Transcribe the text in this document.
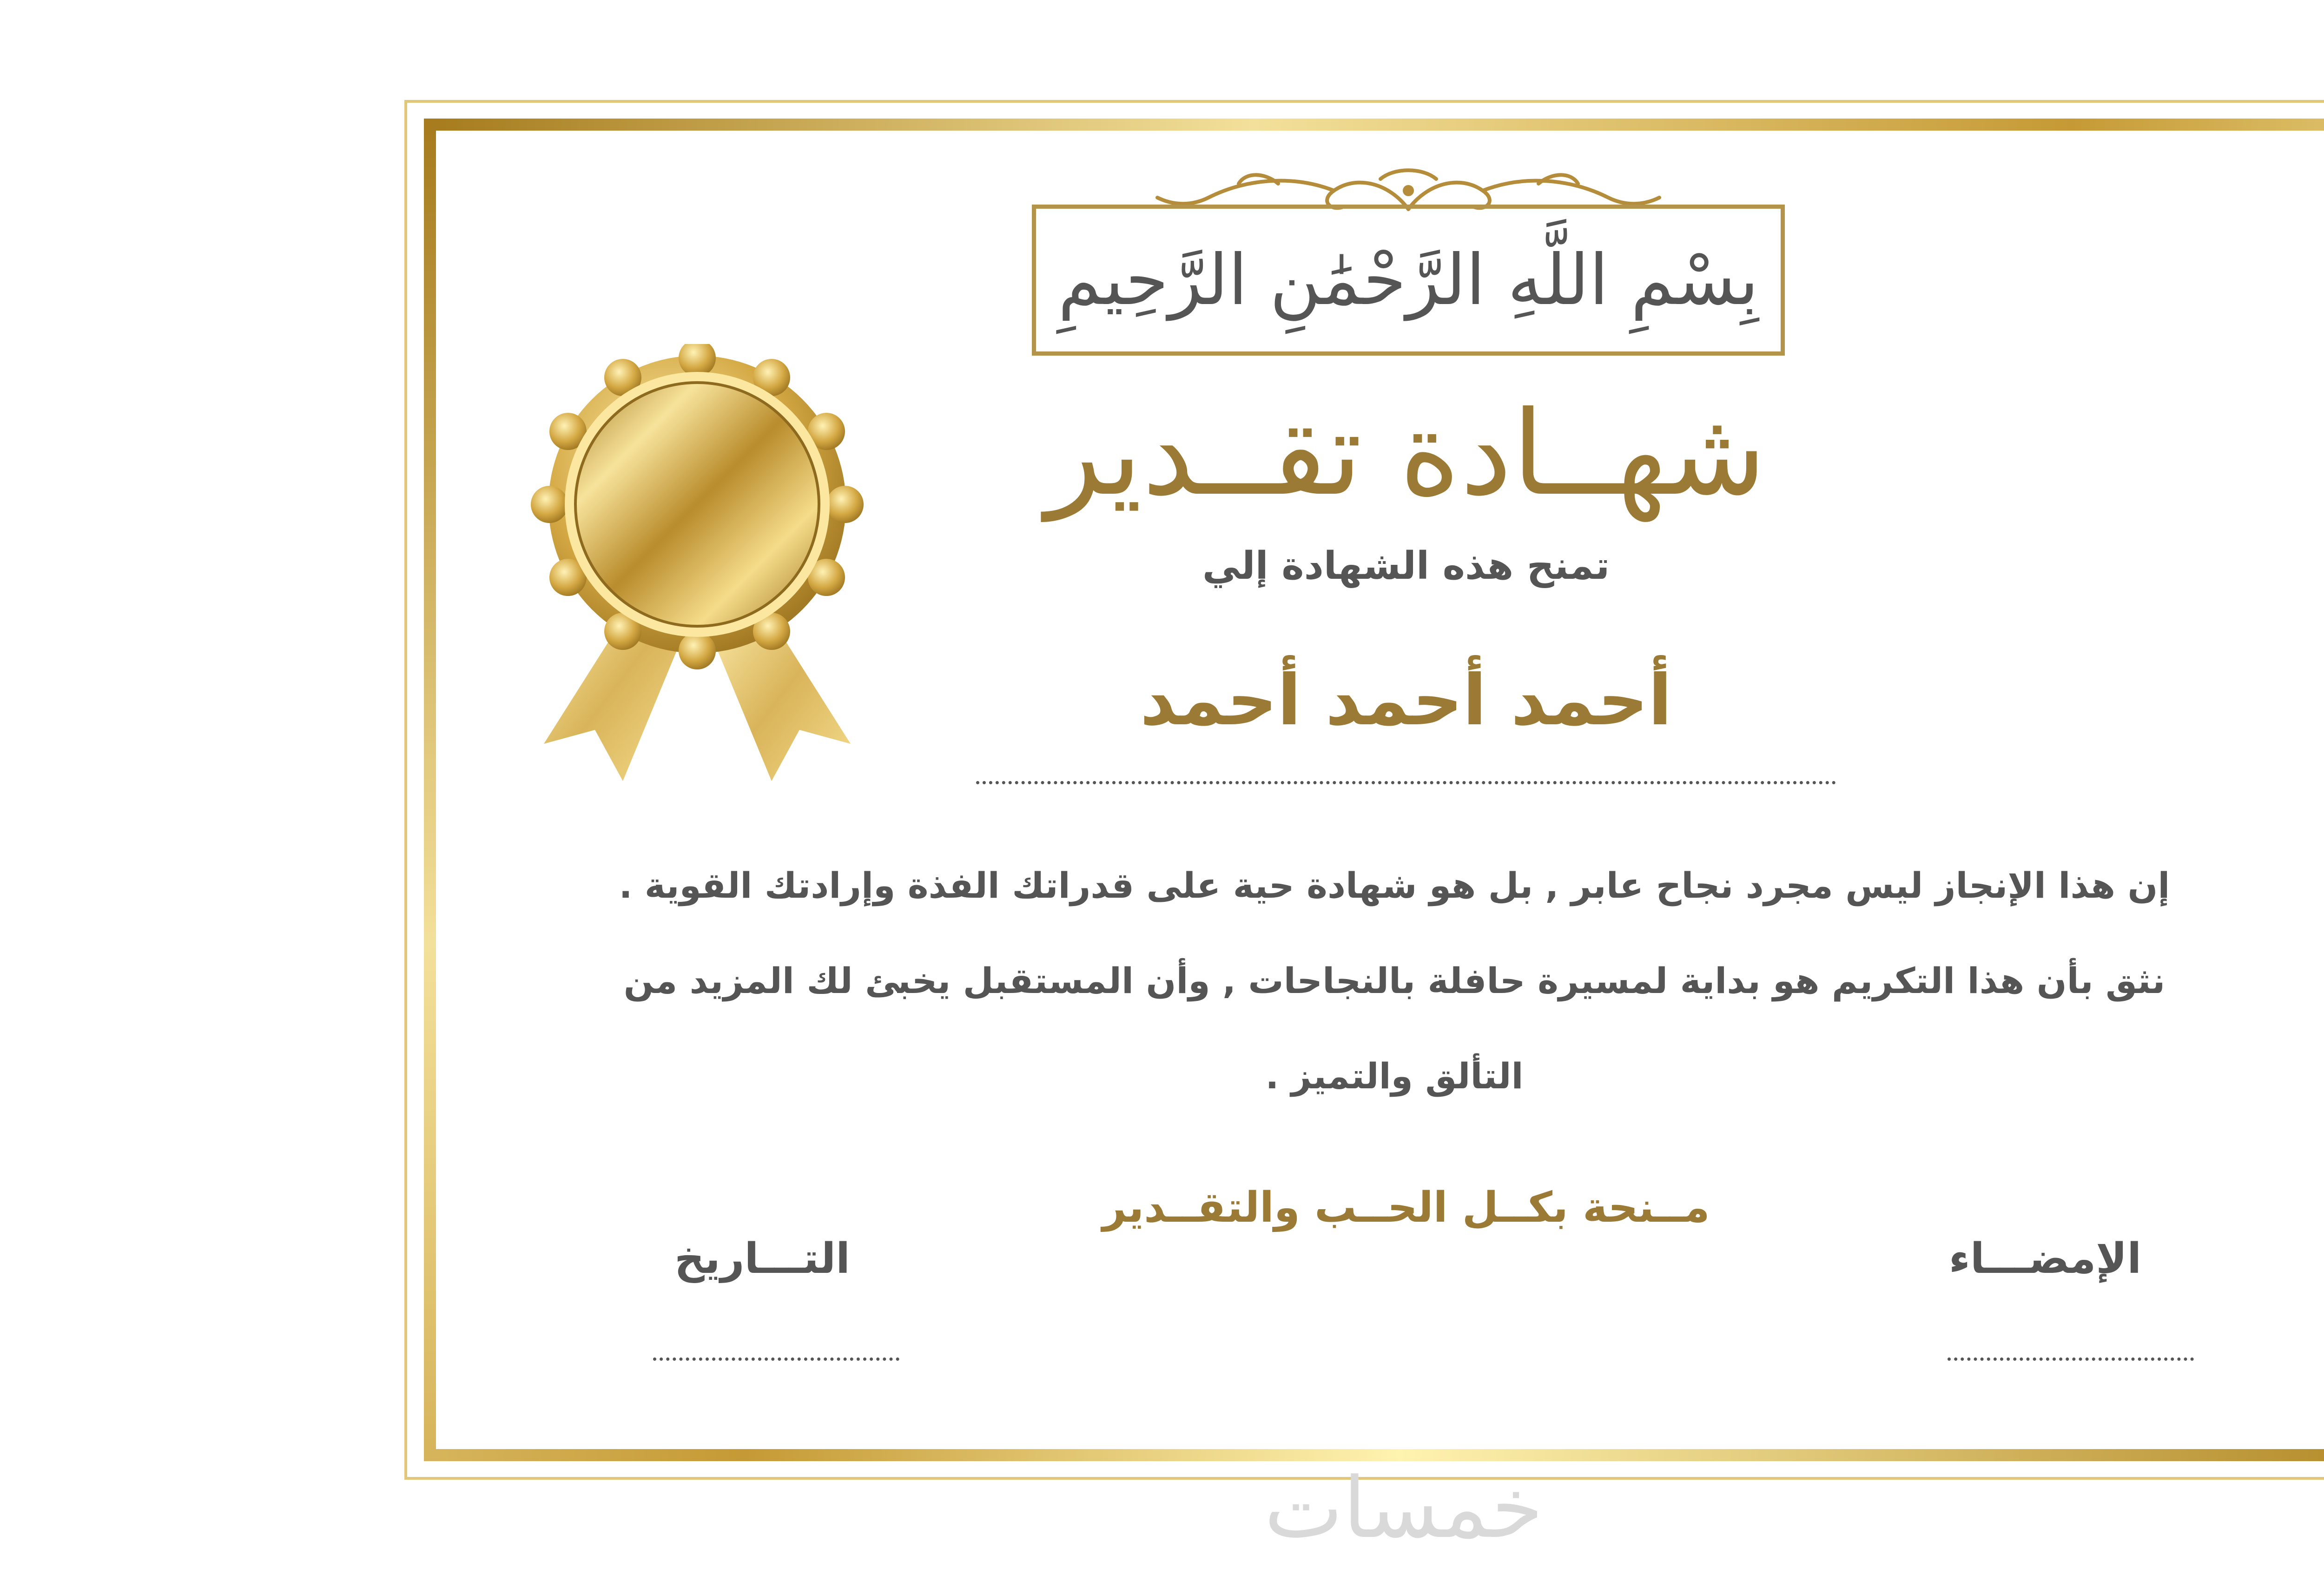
بِسْمِ اللَّهِ الرَّحْمَٰنِ الرَّحِيمِ
شهــادة تقــدير
تمنح هذه الشهادة إلي
أحمد أحمد أحمد
إن هذا الإنجاز ليس مجرد نجاح عابر , بل هو شهادة حية على قدراتك الفذة وإرادتك القوية .
نثق بأن هذا التكريم هو بداية لمسيرة حافلة بالنجاحات , وأن المستقبل يخبئ لك المزيد من
التألق والتميز .
مــنحة بكــل الحــب والتقــدير
الإمضـــاء
التـــاريخ
خمسات
